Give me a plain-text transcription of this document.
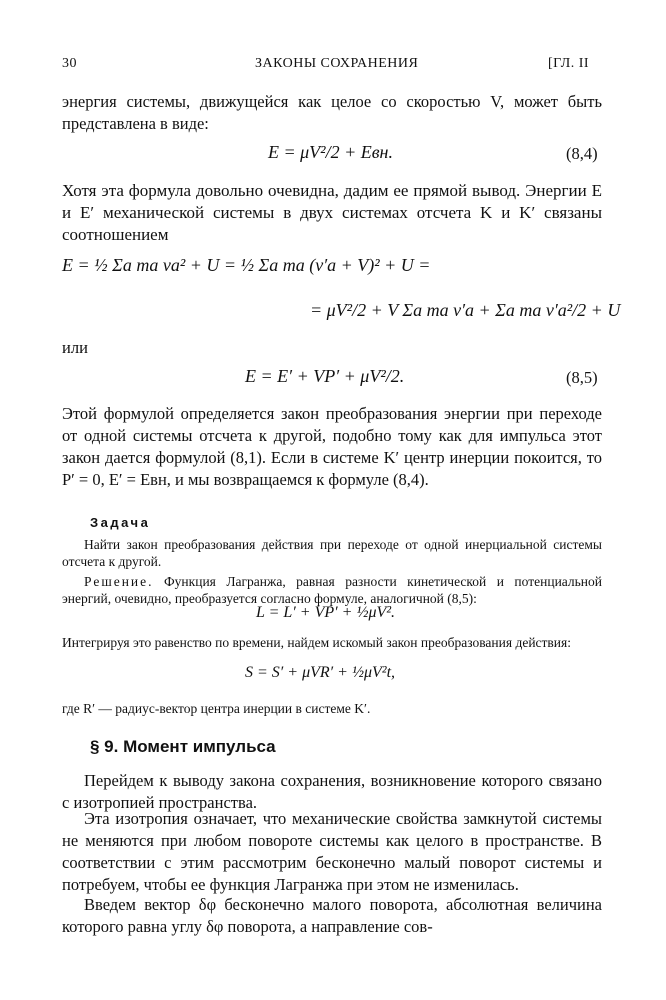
30	ЗАКОНЫ СОХРАНЕНИЯ	[ГЛ. II
энергия системы, движущейся как целое со скоростью V, может быть представлена в виде:
E = μV²/2 + Eвн.	(8,4)
Хотя эта формула довольно очевидна, дадим ее прямой вывод. Энергии E и E′ механической системы в двух системах отсчета K и K′ связаны соотношением
E = ½ Σa ma va² + U = ½ Σa ma (v′a + V)² + U =
= μV²/2 + V Σa ma v′a + Σa ma v′a²/2 + U
или
E = E′ + VP′ + μV²/2.	(8,5)
Этой формулой определяется закон преобразования энергии при переходе от одной системы отсчета к другой, подобно тому как для импульса этот закон дается формулой (8,1). Если в системе K′ центр инерции покоится, то P′ = 0, E′ = Eвн, и мы возвращаемся к формуле (8,4).
Задача
Найти закон преобразования действия при переходе от одной инерциальной системы отсчета к другой.
Решение. Функция Лагранжа, равная разности кинетической и потенциальной энергий, очевидно, преобразуется согласно формуле, аналогичной (8,5):
L = L′ + VP′ + ½μV².
Интегрируя это равенство по времени, найдем искомый закон преобразования действия:
S = S′ + μVR′ + ½μV²t,
где R′ — радиус-вектор центра инерции в системе K′.
§ 9. Момент импульса
Перейдем к выводу закона сохранения, возникновение которого связано с изотропией пространства.
Эта изотропия означает, что механические свойства замкнутой системы не меняются при любом повороте системы как целого в пространстве. В соответствии с этим рассмотрим бесконечно малый поворот системы и потребуем, чтобы ее функция Лагранжа при этом не изменилась.
Введем вектор δφ бесконечно малого поворота, абсолютная величина которого равна углу δφ поворота, а направление сов-
